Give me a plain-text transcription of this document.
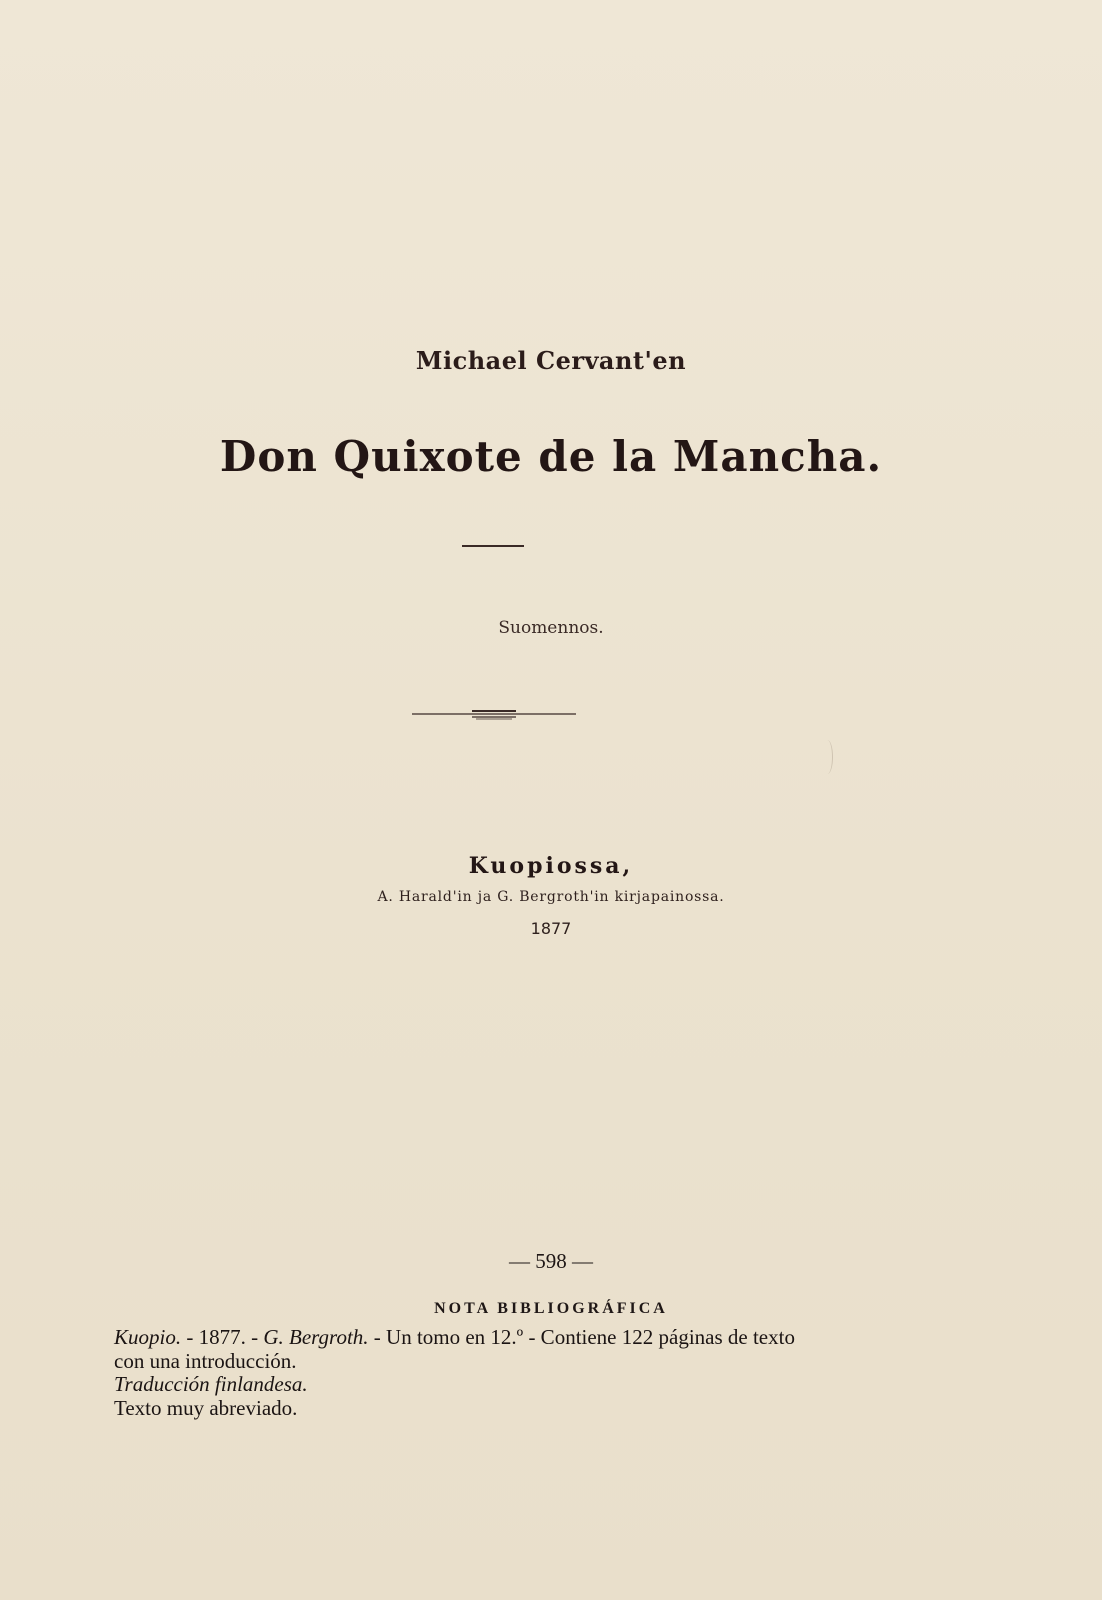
Michael Cervant'en
Don Quixote de la Mancha.
Suomennos.
Kuopiossa,
A. Harald'in ja G. Bergroth'in kirjapainossa.
1877
— 598 —
NOTA BIBLIOGRÁFICA
Kuopio. - 1877. - G. Bergroth. - Un tomo en 12.º - Contiene 122 páginas de texto
con una introducción.
Traducción finlandesa.
Texto muy abreviado.
